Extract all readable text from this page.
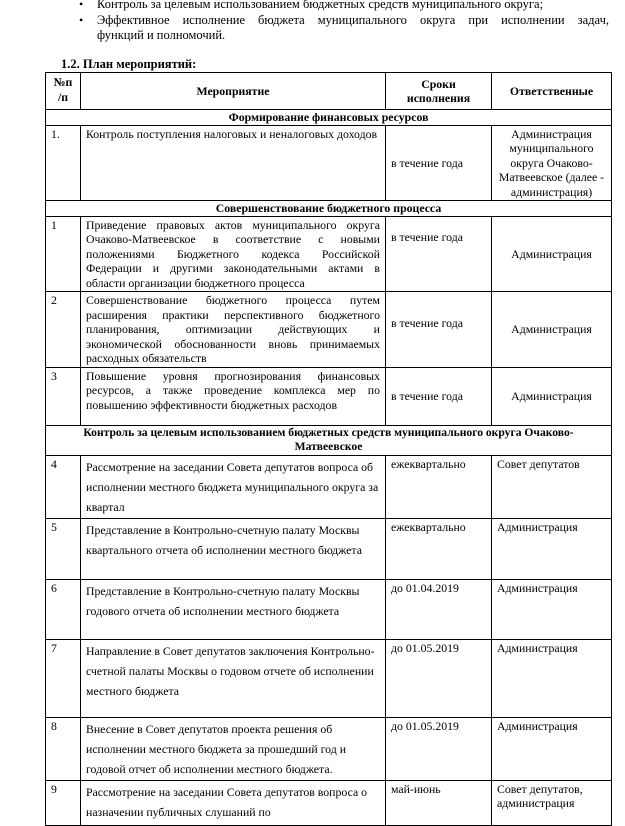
• Контроль за целевым использованием бюджетных средств муниципального округа;
• Эффективное исполнение бюджета муниципального округа при исполнении задач,
функций и полномочий.
1.2. План мероприятий:
№п /п	Мероприятие	Сроки исполнения	Ответственные
Формирование финансовых ресурсов			
1.	Контроль поступления налоговых и неналоговых доходов	в течение года	Администрация муниципального округа Очаково-Матвеевское (далее - администрация)
Совершенствование бюджетного процесса			
1	Приведение правовых актов муниципального округа Очаково-Матвеевское в соответствие с новыми положениями Бюджетного кодекса Российской Федерации и другими законодательными актами в области организации бюджетного процесса	в течение года	Администрация
2	Совершенствование бюджетного процесса путем расширения практики перспективного бюджетного планирования, оптимизации действующих и экономической обоснованности вновь принимаемых расходных обязательств	в течение года	Администрация
3	Повышение уровня прогнозирования финансовых ресурсов, а также проведение комплекса мер по повышению эффективности бюджетных расходов	в течение года	Администрация
Контроль за целевым использованием бюджетных средств муниципального округа Очаково-Матвеевское			
4	Рассмотрение на заседании Совета депутатов вопроса об исполнении местного бюджета муниципального округа за квартал	ежеквартально	Совет депутатов
5	Представление в Контрольно-счетную палату Москвы квартального отчета об исполнении местного бюджета	ежеквартально	Администрация
6	Представление в Контрольно-счетную палату Москвы годового отчета об исполнении местного бюджета	до 01.04.2019	Администрация
7	Направление в Совет депутатов заключения Контрольно-счетной палаты Москвы о годовом отчете об исполнении местного бюджета	до 01.05.2019	Администрация
8	Внесение в Совет депутатов проекта решения об исполнении местного бюджета за прошедший год и годовой отчет об исполнении местного бюджета.	до 01.05.2019	Администрация
9	Рассмотрение на заседании Совета депутатов вопроса о назначении публичных слушаний по	май-июнь	Совет депутатов, администрация
